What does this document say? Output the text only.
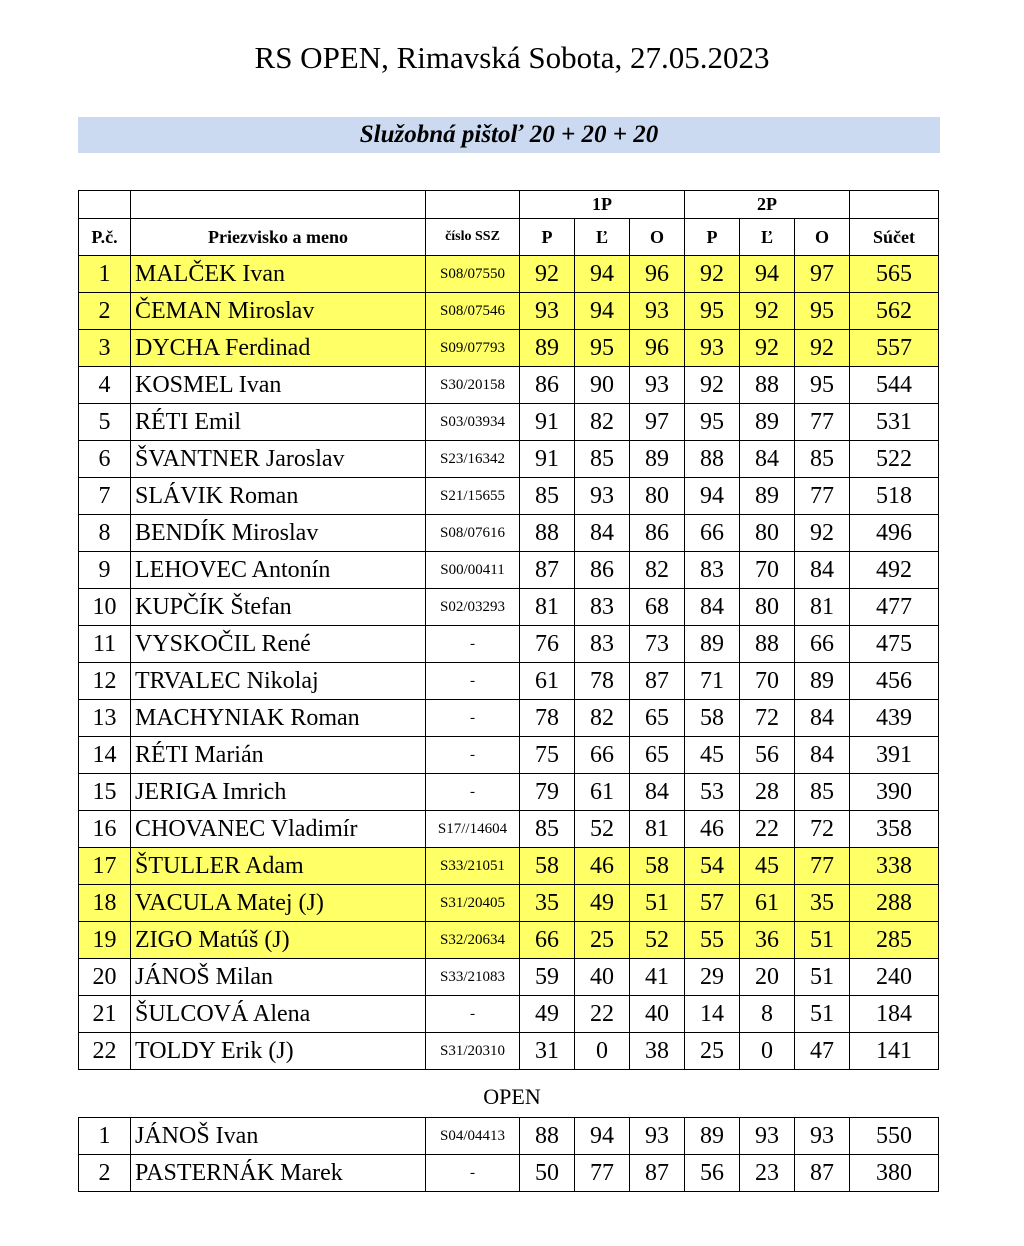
RS OPEN, Rimavská Sobota, 27.05.2023
Služobná pištoľ 20 + 20 + 20
			1P			2P			
P.č.	Priezvisko a meno	číslo SSZ	P	Ľ	O	P	Ľ	O	Súčet
1	MALČEK Ivan	S08/07550	92	94	96	92	94	97	565
2	ČEMAN Miroslav	S08/07546	93	94	93	95	92	95	562
3	DYCHA Ferdinad	S09/07793	89	95	96	93	92	92	557
4	KOSMEL Ivan	S30/20158	86	90	93	92	88	95	544
5	RÉTI Emil	S03/03934	91	82	97	95	89	77	531
6	ŠVANTNER Jaroslav	S23/16342	91	85	89	88	84	85	522
7	SLÁVIK Roman	S21/15655	85	93	80	94	89	77	518
8	BENDÍK Miroslav	S08/07616	88	84	86	66	80	92	496
9	LEHOVEC Antonín	S00/00411	87	86	82	83	70	84	492
10	KUPČÍK Štefan	S02/03293	81	83	68	84	80	81	477
11	VYSKOČIL René	-	76	83	73	89	88	66	475
12	TRVALEC Nikolaj	-	61	78	87	71	70	89	456
13	MACHYNIAK Roman	-	78	82	65	58	72	84	439
14	RÉTI Marián	-	75	66	65	45	56	84	391
15	JERIGA Imrich	-	79	61	84	53	28	85	390
16	CHOVANEC Vladimír	S17//14604	85	52	81	46	22	72	358
17	ŠTULLER Adam	S33/21051	58	46	58	54	45	77	338
18	VACULA Matej (J)	S31/20405	35	49	51	57	61	35	288
19	ZIGO Matúš (J)	S32/20634	66	25	52	55	36	51	285
20	JÁNOŠ Milan	S33/21083	59	40	41	29	20	51	240
21	ŠULCOVÁ Alena	-	49	22	40	14	8	51	184
22	TOLDY Erik (J)	S31/20310	31	0	38	25	0	47	141
OPEN
1	JÁNOŠ Ivan	S04/04413	88	94	93	89	93	93	550
2	PASTERNÁK Marek	-	50	77	87	56	23	87	380
